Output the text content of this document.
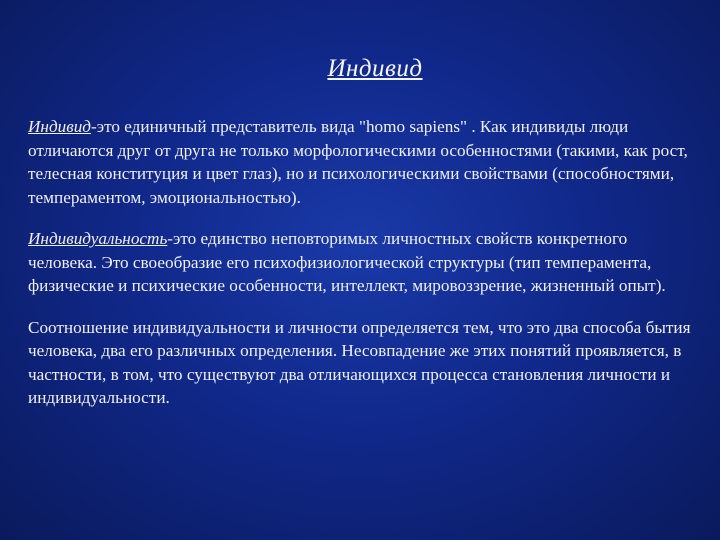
Индивид

Индивид-это единичный представитель вида "homo sapiens" . Как индивиды люди отличаются друг от друга не только морфологическими особенностями (такими, как рост, телесная конституция и цвет глаз), но и психологическими свойствами (способностями, темпераментом, эмоциональностью).

Индивидуальность-это единство неповторимых личностных свойств конкретного человека. Это своеобразие его психофизиологической структуры (тип темперамента, физические и психические особенности, интеллект, мировоззрение, жизненный опыт).

Соотношение индивидуальности и личности определяется тем, что это два способа бытия человека, два его различных определения. Несовпадение же этих понятий проявляется, в частности, в том, что существуют два отличающихся процесса становления личности и индивидуальности.
